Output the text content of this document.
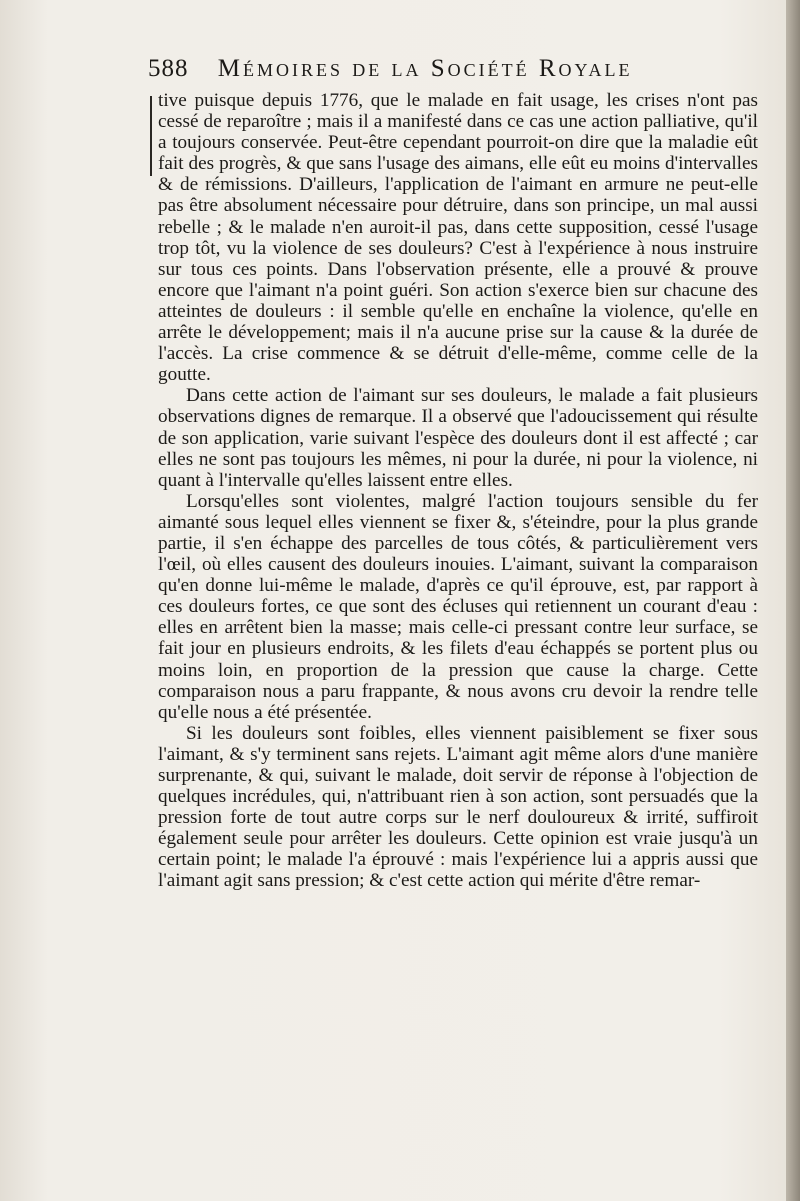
588 Mémoires de la Société Royale

tive puisque depuis 1776, que le malade en fait usage, les crises n'ont pas cessé de reparoître ; mais il a manifesté dans ce cas une action palliative, qu'il a toujours conservée. Peut-être cependant pourroit-on dire que la maladie eût fait des progrès, & que sans l'usage des aimans, elle eût eu moins d'intervalles & de rémissions. D'ailleurs, l'application de l'aimant en armure ne peut-elle pas être absolument nécessaire pour détruire, dans son principe, un mal aussi rebelle ; & le malade n'en auroit-il pas, dans cette supposition, cessé l'usage trop tôt, vu la violence de ses douleurs? C'est à l'expérience à nous instruire sur tous ces points. Dans l'observation présente, elle a prouvé & prouve encore que l'aimant n'a point guéri. Son action s'exerce bien sur chacune des atteintes de douleurs : il semble qu'elle en enchaîne la violence, qu'elle en arrête le développement; mais il n'a aucune prise sur la cause & la durée de l'accès. La crise commence & se détruit d'elle-même, comme celle de la goutte.

Dans cette action de l'aimant sur ses douleurs, le malade a fait plusieurs observations dignes de remarque. Il a observé que l'adoucissement qui résulte de son application, varie suivant l'espèce des douleurs dont il est affecté ; car elles ne sont pas toujours les mêmes, ni pour la durée, ni pour la violence, ni quant à l'intervalle qu'elles laissent entre elles.

Lorsqu'elles sont violentes, malgré l'action toujours sensible du fer aimanté sous lequel elles viennent se fixer &, s'éteindre, pour la plus grande partie, il s'en échappe des parcelles de tous côtés, & particulièrement vers l'œil, où elles causent des douleurs inouies. L'aimant, suivant la comparaison qu'en donne lui-même le malade, d'après ce qu'il éprouve, est, par rapport à ces douleurs fortes, ce que sont des écluses qui retiennent un courant d'eau : elles en arrêtent bien la masse; mais celle-ci pressant contre leur surface, se fait jour en plusieurs endroits, & les filets d'eau échappés se portent plus ou moins loin, en proportion de la pression que cause la charge. Cette comparaison nous a paru frappante, & nous avons cru devoir la rendre telle qu'elle nous a été présentée.

Si les douleurs sont foibles, elles viennent paisiblement se fixer sous l'aimant, & s'y terminent sans rejets. L'aimant agit même alors d'une manière surprenante, & qui, suivant le malade, doit servir de réponse à l'objection de quelques incrédules, qui, n'attribuant rien à son action, sont persuadés que la pression forte de tout autre corps sur le nerf douloureux & irrité, suffiroit également seule pour arrêter les douleurs. Cette opinion est vraie jusqu'à un certain point; le malade l'a éprouvé : mais l'expérience lui a appris aussi que l'aimant agit sans pression; & c'est cette action qui mérite d'être remar-
